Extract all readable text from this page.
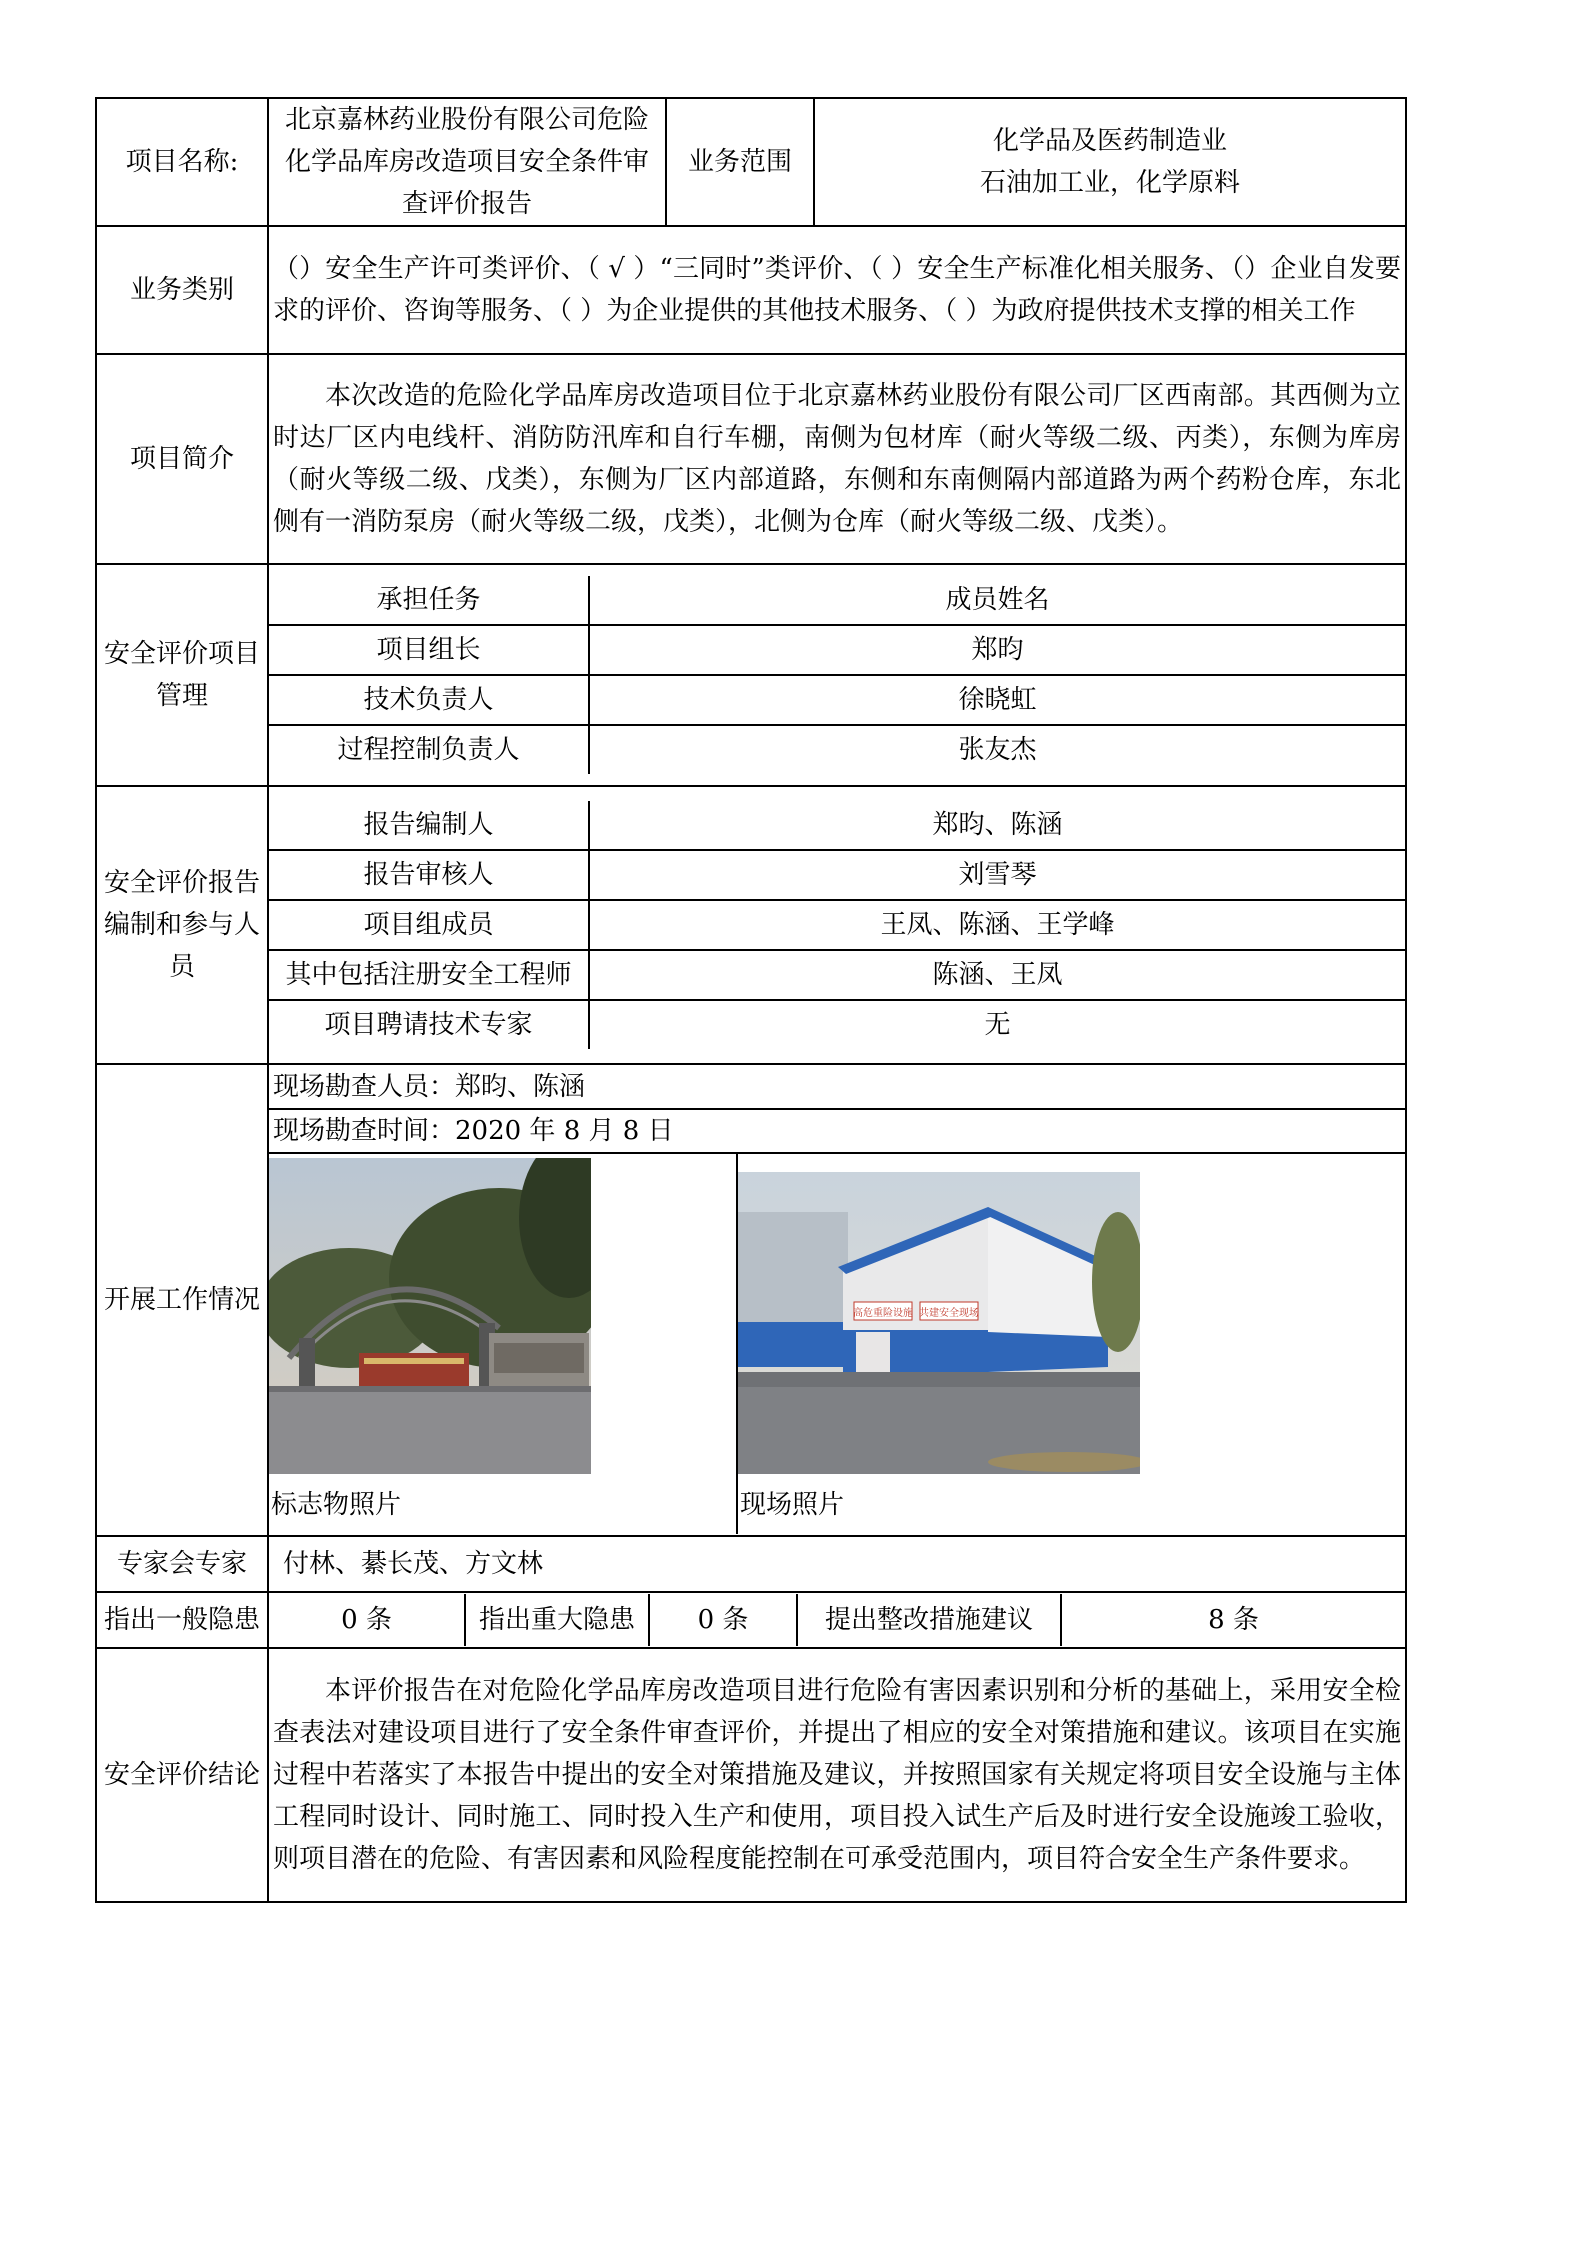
项目名称:	北京嘉林药业股份有限公司危险化学品库房改造项目安全条件审查评价报告	业务范围	
化学品及医药制造业
石油加工业，化学原料

业务类别	（）安全生产许可类评价、（ √ ）“三同时”类评价、（ ）安全生产标准化相关服务、（）企业自发要求的评价、咨询等服务、（ ）为企业提供的其他技术服务、（ ）为政府提供技术支撑的相关工作
项目简介	本次改造的危险化学品库房改造项目位于北京嘉林药业股份有限公司厂区西南部。其西侧为立时达厂区内电线杆、消防防汛库和自行车棚，南侧为包材库（耐火等级二级、丙类），东侧为库房（耐火等级二级、戊类），东侧为厂区内部道路，东侧和东南侧隔内部道路为两个药粉仓库，东北侧有一消防泵房（耐火等级二级，戊类），北侧为仓库（耐火等级二级、戊类）。
安全评价项目管理	
承担任务	成员姓名
项目组长	郑昀
技术负责人	徐晓虹
过程控制负责人	张友杰

安全评价报告编制和参与人员	
报告编制人	郑昀、陈涵
报告审核人	刘雪琴
项目组成员	王凤、陈涵、王学峰
其中包括注册安全工程师	陈涵、王凤
项目聘请技术专家	无

开展工作情况	
现场勘查人员：郑昀、陈涵
现场勘查时间：2020 年 8 月 8 日
标志物照片
高危重险设施 共建安全现场
现场照片

专家会专家	付林、綦长茂、方文林
指出一般隐患		0 条	指出重大隐患	0 条	提出整改措施建议	8 条

安全评价结论	本评价报告在对危险化学品库房改造项目进行危险有害因素识别和分析的基础上，采用安全检查表法对建设项目进行了安全条件审查评价，并提出了相应的安全对策措施和建议。该项目在实施过程中若落实了本报告中提出的安全对策措施及建议，并按照国家有关规定将项目安全设施与主体工程同时设计、同时施工、同时投入生产和使用，项目投入试生产后及时进行安全设施竣工验收，则项目潜在的危险、有害因素和风险程度能控制在可承受范围内，项目符合安全生产条件要求。
